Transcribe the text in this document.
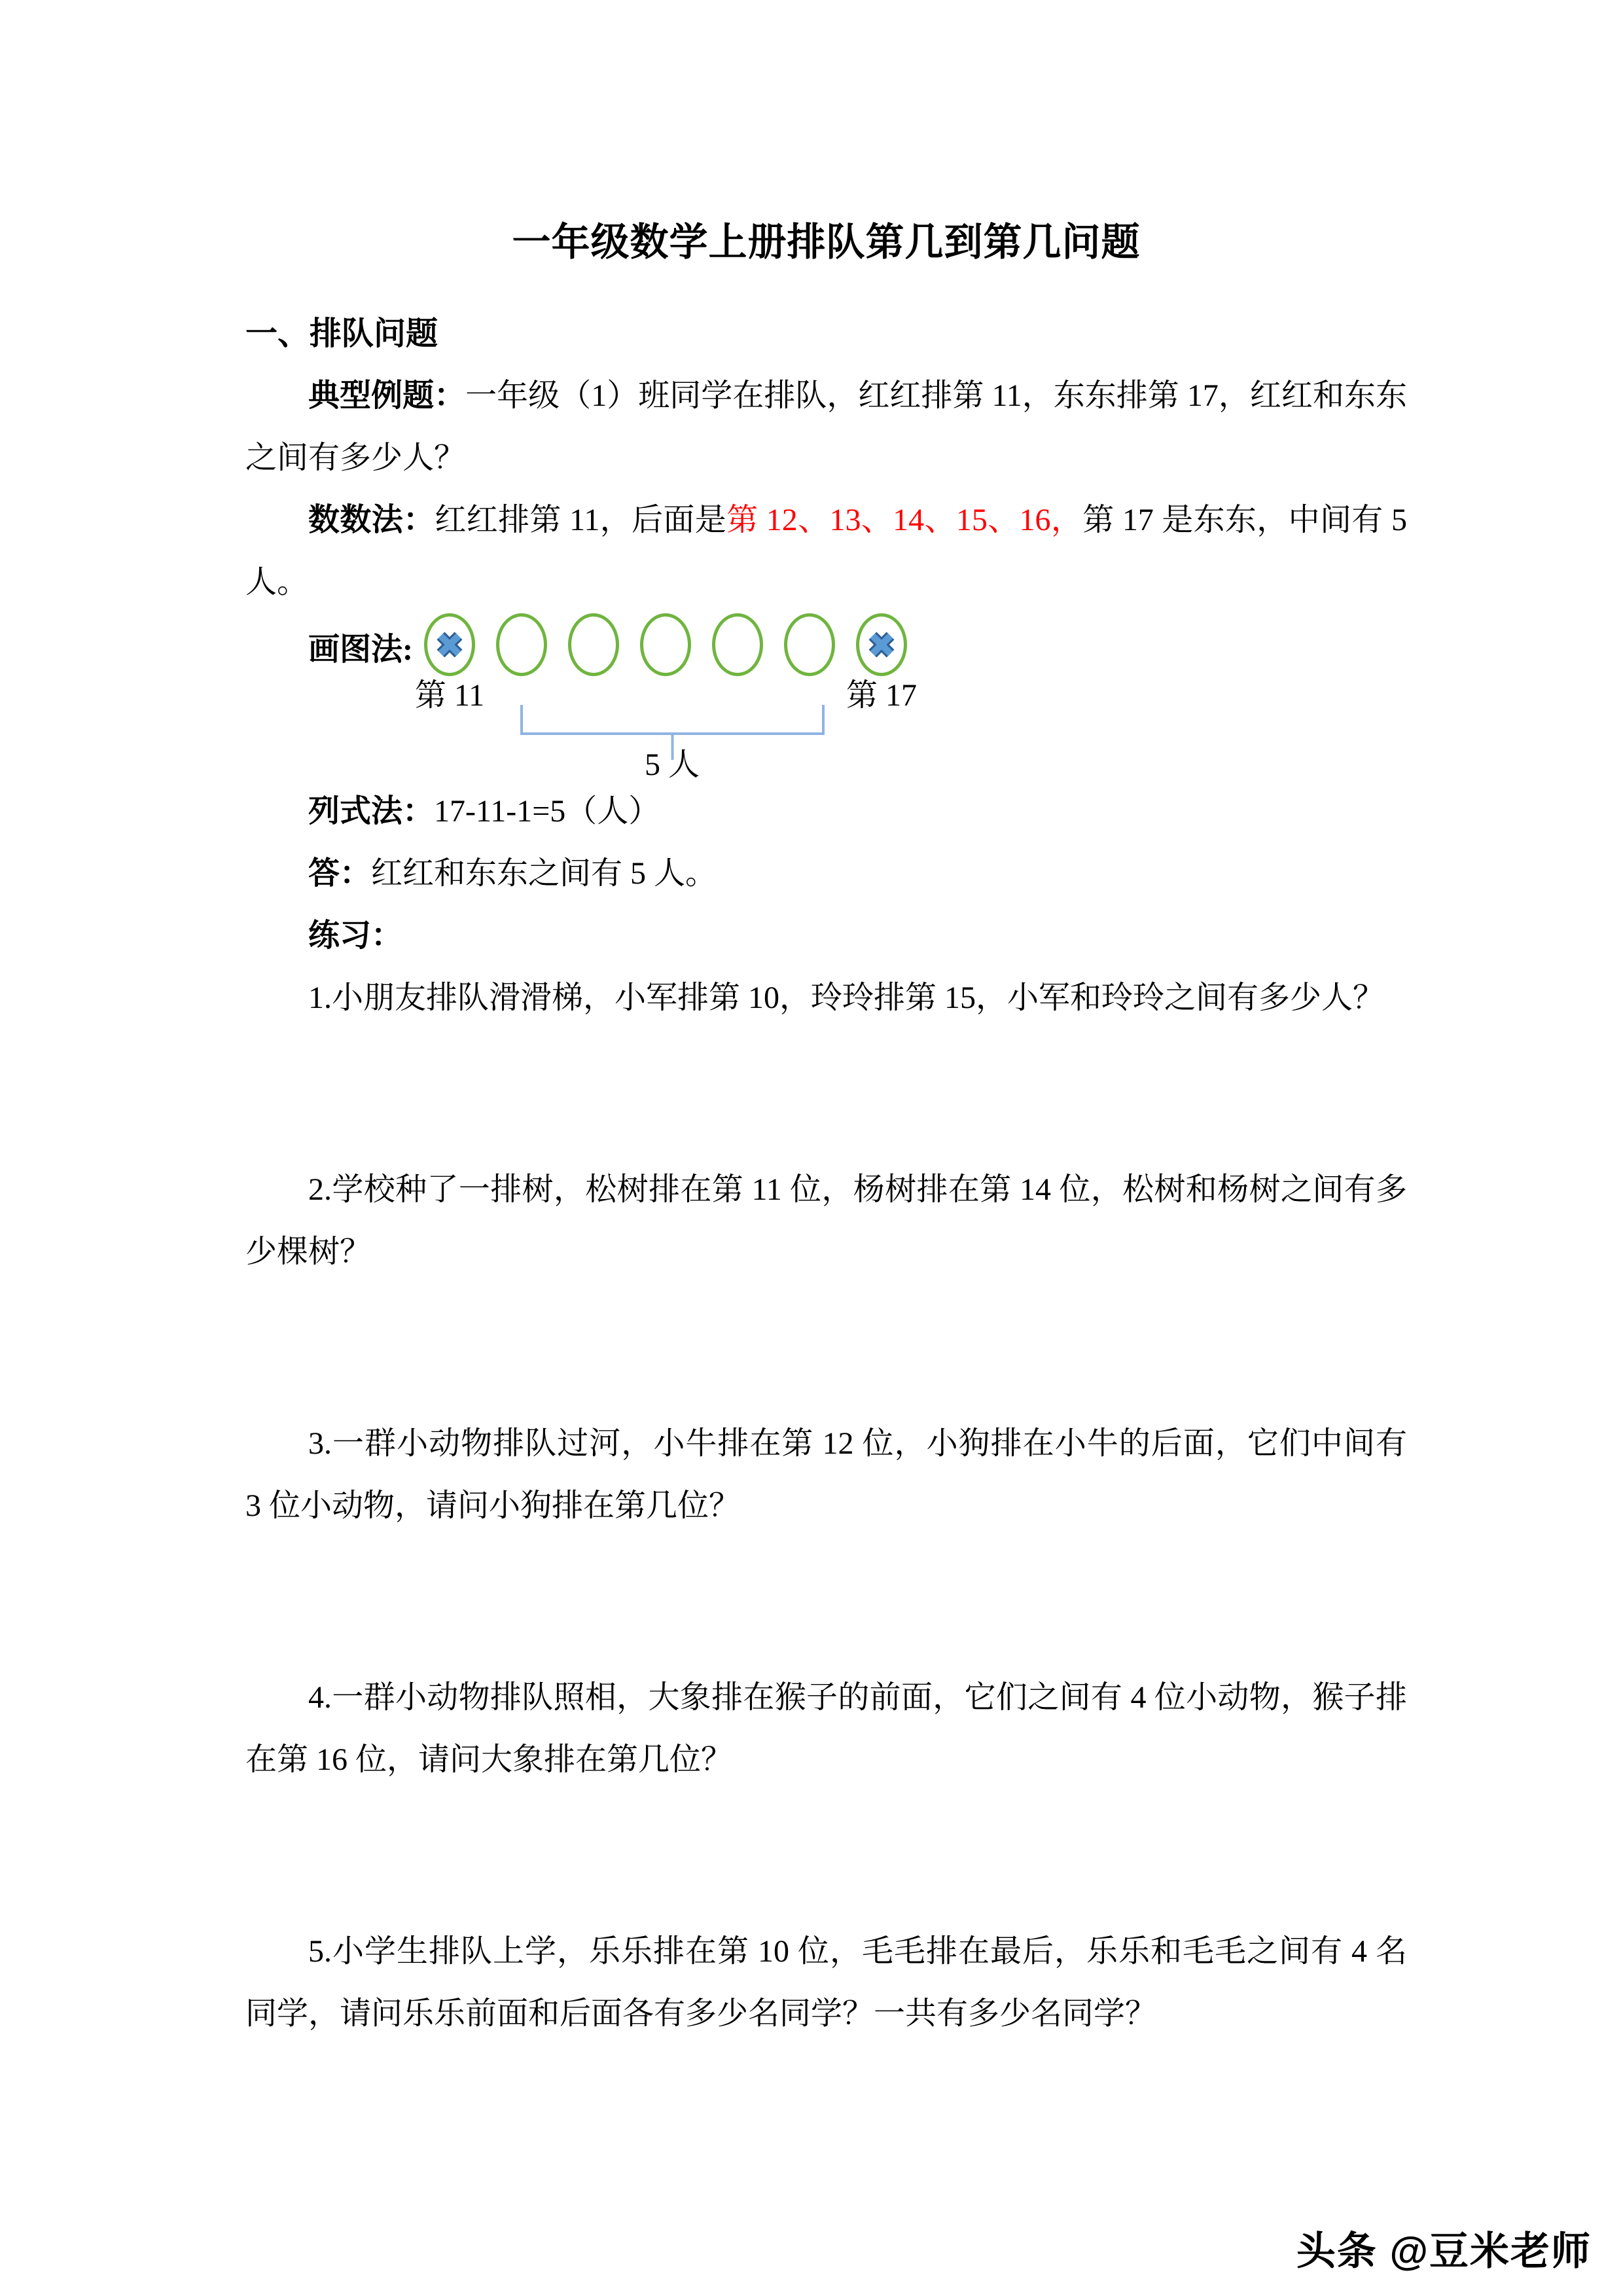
一年级数学上册排队第几到第几问题
一、排队问题

典型例题：一年级（1）班同学在排队，红红排第 11，东东排第 17，红红和东东之间有多少人？

数数法：红红排第 11，后面是第 12、13、14、15、16，第 17 是东东，中间有 5 人。

画图法:
第 11	第 17
5 人

列式法：17-11-1=5（人）

答：红红和东东之间有 5 人。

练习：

1.小朋友排队滑滑梯，小军排第 10，玲玲排第 15，小军和玲玲之间有多少人？

2.学校种了一排树，松树排在第 11 位，杨树排在第 14 位，松树和杨树之间有多少棵树？

3.一群小动物排队过河，小牛排在第 12 位，小狗排在小牛的后面，它们中间有 3 位小动物，请问小狗排在第几位？

4.一群小动物排队照相，大象排在猴子的前面，它们之间有 4 位小动物，猴子排在第 16 位，请问大象排在第几位？

5.小学生排队上学，乐乐排在第 10 位，毛毛排在最后，乐乐和毛毛之间有 4 名同学，请问乐乐前面和后面各有多少名同学？一共有多少名同学？

头条 @豆米老师
